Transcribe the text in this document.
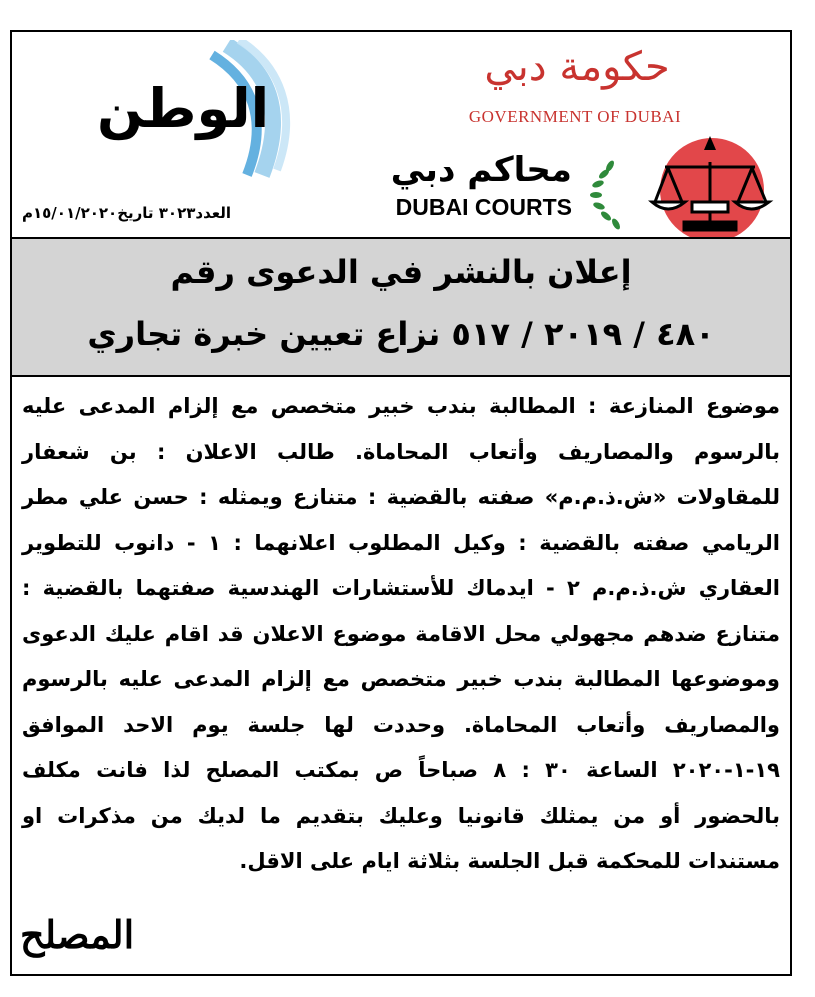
الوطن
العدد٣٠٢٣ تاريخ١٥/٠١/٢٠٢٠م
حكومة دبي
GOVERNMENT OF DUBAI
محاكم دبي
DUBAI COURTS
إعلان بالنشر في الدعوى رقم
٤٨٠ / ٢٠١٩ / ٥١٧ نزاع تعيين خبرة تجاري
موضوع المنازعة : المطالبة بندب خبير متخصص مع إلزام المدعى عليه بالرسوم والمصاريف وأتعاب المحاماة. طالب الاعلان : بن شعفار للمقاولات «ش.ذ.م.م» صفته بالقضية : متنازع ويمثله : حسن علي مطر الريامي صفته بالقضية : وكيل المطلوب اعلانهما : ١ - دانوب للتطوير العقاري ش.ذ.م.م ٢ - ايدماك للأستشارات الهندسية صفتهما بالقضية : متنازع ضدهم مجهولي محل الاقامة موضوع الاعلان قد اقام عليك الدعوى وموضوعها المطالبة بندب خبير متخصص مع إلزام المدعى عليه بالرسوم والمصاريف وأتعاب المحاماة. وحددت لها جلسة يوم الاحد الموافق ١٩-١-٢٠٢٠ الساعة ٣٠ : ٨ صباحاً ص بمكتب المصلح لذا فانت مكلف بالحضور أو من يمثلك قانونيا وعليك بتقديم ما لديك من مذكرات او مستندات للمحكمة قبل الجلسة بثلاثة ايام على الاقل.
المصلح
